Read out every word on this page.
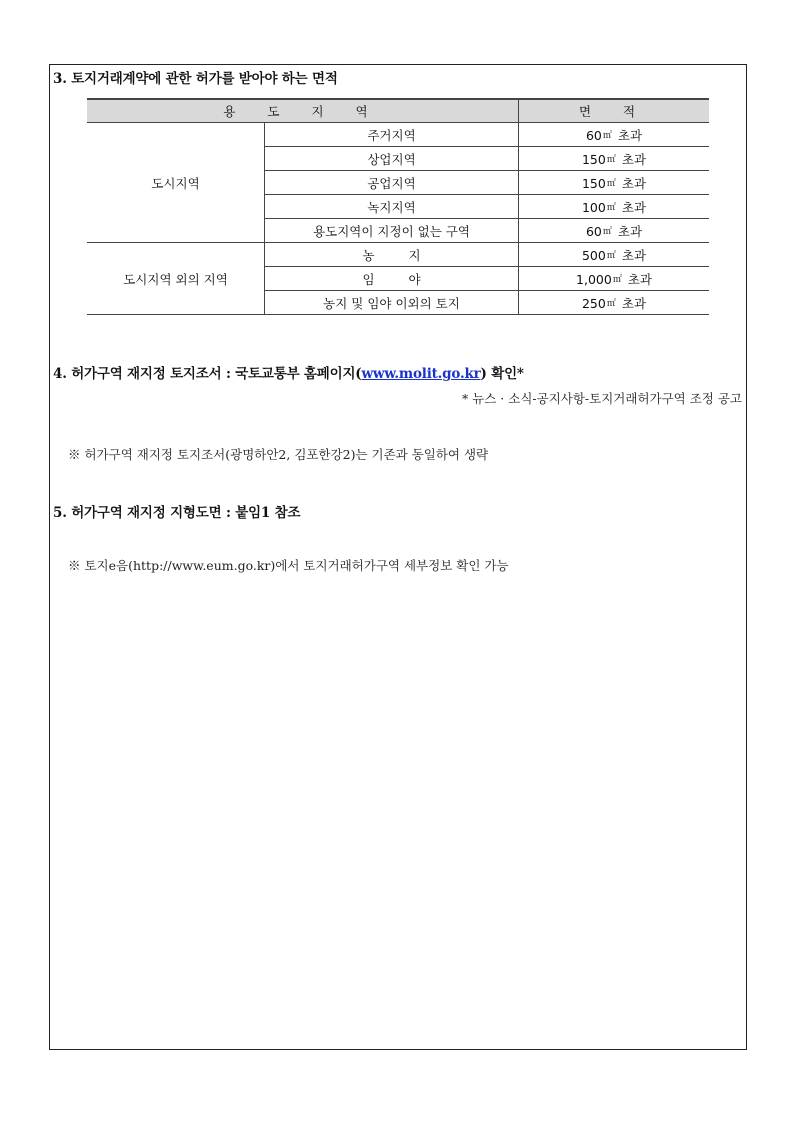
3. 토지거래계약에 관한 허가를 받아야 하는 면적
용 도 지 역		면 적
도시지역	주거지역	60㎡ 초과
	상업지역	150㎡ 초과
	공업지역	150㎡ 초과
	녹지지역	100㎡ 초과
	용도지역이 지정이 없는 구역	60㎡ 초과
도시지역 외의 지역	농 지	500㎡ 초과
	임 야	1,000㎡ 초과
	농지 및 임야 이외의 토지	250㎡ 초과
4. 허가구역 재지정 토지조서 : 국토교통부 홈페이지(www.molit.go.kr) 확인*
* 뉴스 · 소식-공지사항-토지거래허가구역 조정 공고
※ 허가구역 재지정 토지조서(광명하안2, 김포한강2)는 기존과 동일하여 생략
5. 허가구역 재지정 지형도면 : 붙임1 참조
※ 토지e음(http://www.eum.go.kr)에서 토지거래허가구역 세부정보 확인 가능
